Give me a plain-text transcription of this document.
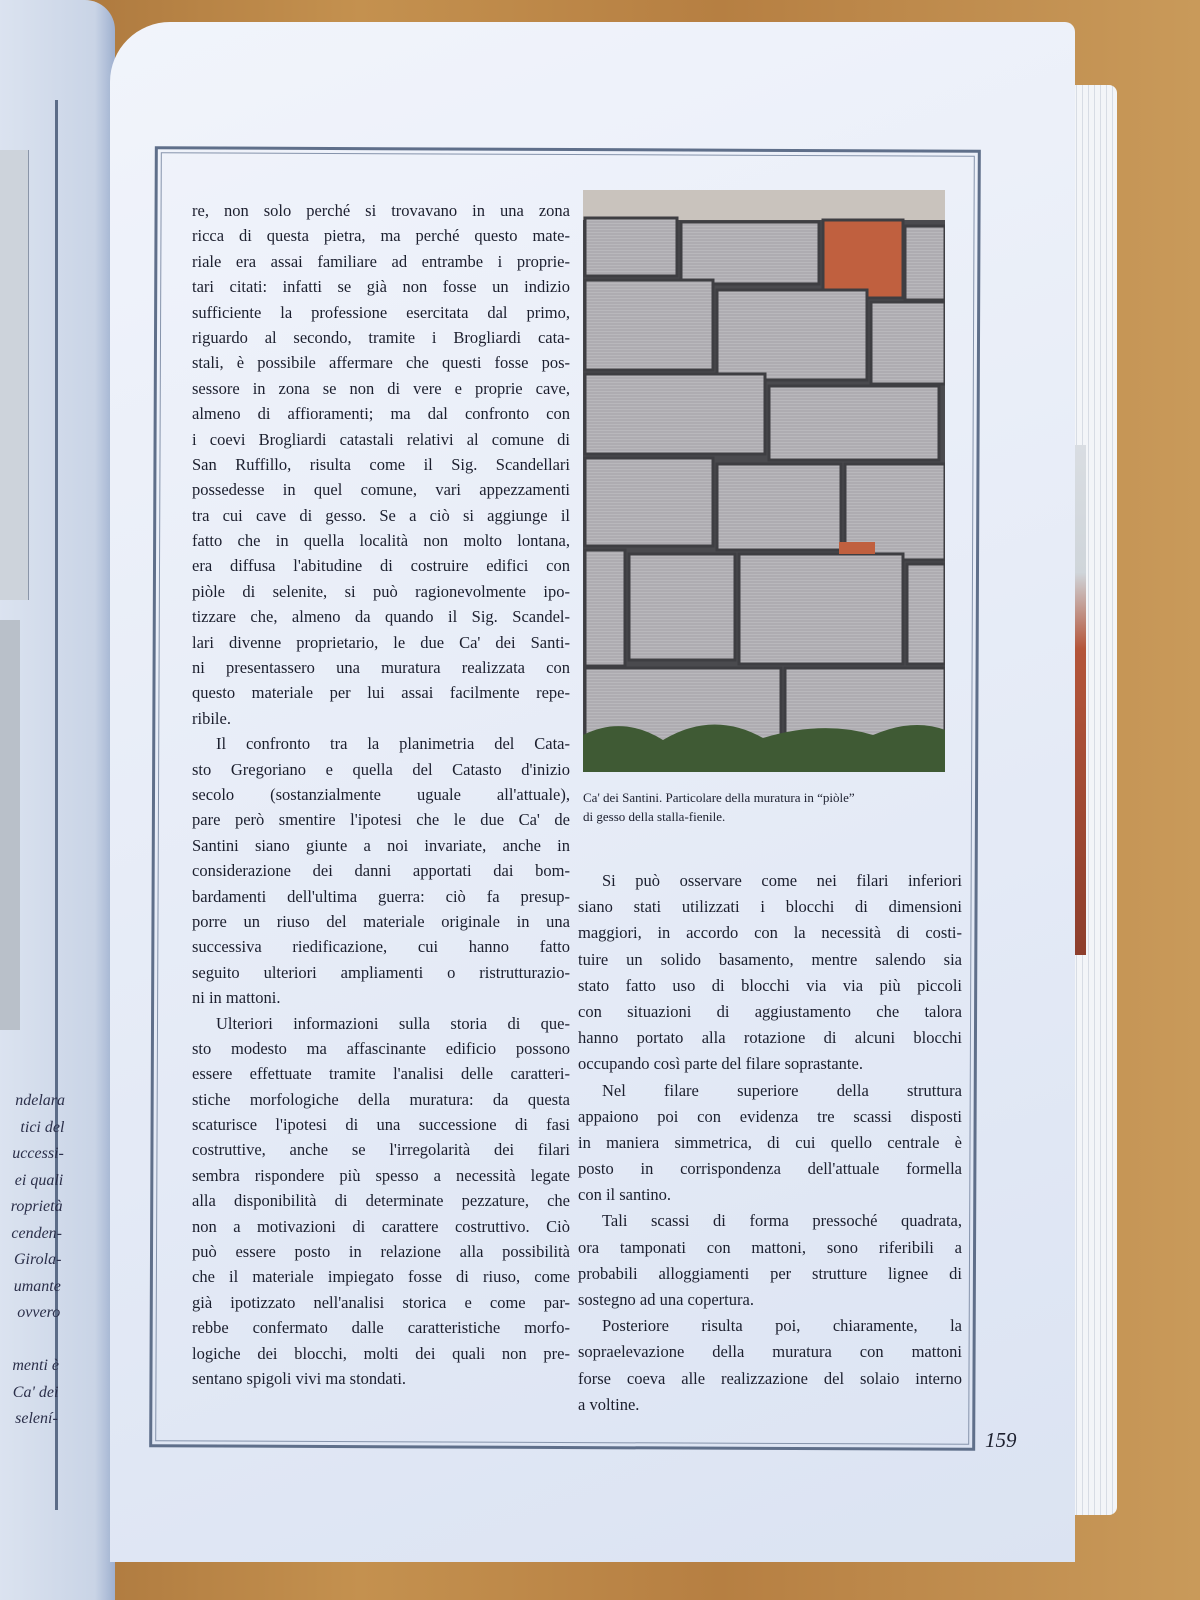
ndelara
tici del
uccessi-
ei quali
roprietà
cenden-
Girola-
umante
ovvero
menti è
Ca' dei
selení-
re, non solo perché si trovavano in una zona
ricca di questa pietra, ma perché questo mate-
riale era assai familiare ad entrambe i proprie-
tari citati: infatti se già non fosse un indizio
sufficiente la professione esercitata dal primo,
riguardo al secondo, tramite i Brogliardi cata-
stali, è possibile affermare che questi fosse pos-
sessore in zona se non di vere e proprie cave,
almeno di affioramenti; ma dal confronto con
i coevi Brogliardi catastali relativi al comune di
San Ruffillo, risulta come il Sig. Scandellari
possedesse in quel comune, vari appezzamenti
tra cui cave di gesso. Se a ciò si aggiunge il
fatto che in quella località non molto lontana,
era diffusa l'abitudine di costruire edifici con
piòle di selenite, si può ragionevolmente ipo-
tizzare che, almeno da quando il Sig. Scandel-
lari divenne proprietario, le due Ca' dei Santi-
ni presentassero una muratura realizzata con
questo materiale per lui assai facilmente repe-
ribile.
Il confronto tra la planimetria del Cata-
sto Gregoriano e quella del Catasto d'inizio
secolo (sostanzialmente uguale all'attuale),
pare però smentire l'ipotesi che le due Ca' de
Santini siano giunte a noi invariate, anche in
considerazione dei danni apportati dai bom-
bardamenti dell'ultima guerra: ciò fa presup-
porre un riuso del materiale originale in una
successiva riedificazione, cui hanno fatto
seguito ulteriori ampliamenti o ristrutturazio-
ni in mattoni.
Ulteriori informazioni sulla storia di que-
sto modesto ma affascinante edificio possono
essere effettuate tramite l'analisi delle caratteri-
stiche morfologiche della muratura: da questa
scaturisce l'ipotesi di una successione di fasi
costruttive, anche se l'irregolarità dei filari
sembra rispondere più spesso a necessità legate
alla disponibilità di determinate pezzature, che
non a motivazioni di carattere costruttivo. Ciò
può essere posto in relazione alla possibilità
che il materiale impiegato fosse di riuso, come
già ipotizzato nell'analisi storica e come par-
rebbe confermato dalle caratteristiche morfo-
logiche dei blocchi, molti dei quali non pre-
sentano spigoli vivi ma stondati.
Ca' dei Santini. Particolare della muratura in “piòle”
di gesso della stalla-fienile.
Si può osservare come nei filari inferiori
siano stati utilizzati i blocchi di dimensioni
maggiori, in accordo con la necessità di costi-
tuire un solido basamento, mentre salendo sia
stato fatto uso di blocchi via via più piccoli
con situazioni di aggiustamento che talora
hanno portato alla rotazione di alcuni blocchi
occupando così parte del filare soprastante.
Nel filare superiore della struttura
appaiono poi con evidenza tre scassi disposti
in maniera simmetrica, di cui quello centrale è
posto in corrispondenza dell'attuale formella
con il santino.
Tali scassi di forma pressoché quadrata,
ora tamponati con mattoni, sono riferibili a
probabili alloggiamenti per strutture lignee di
sostegno ad una copertura.
Posteriore risulta poi, chiaramente, la
sopraelevazione della muratura con mattoni
forse coeva alle realizzazione del solaio interno
a voltine.
159
